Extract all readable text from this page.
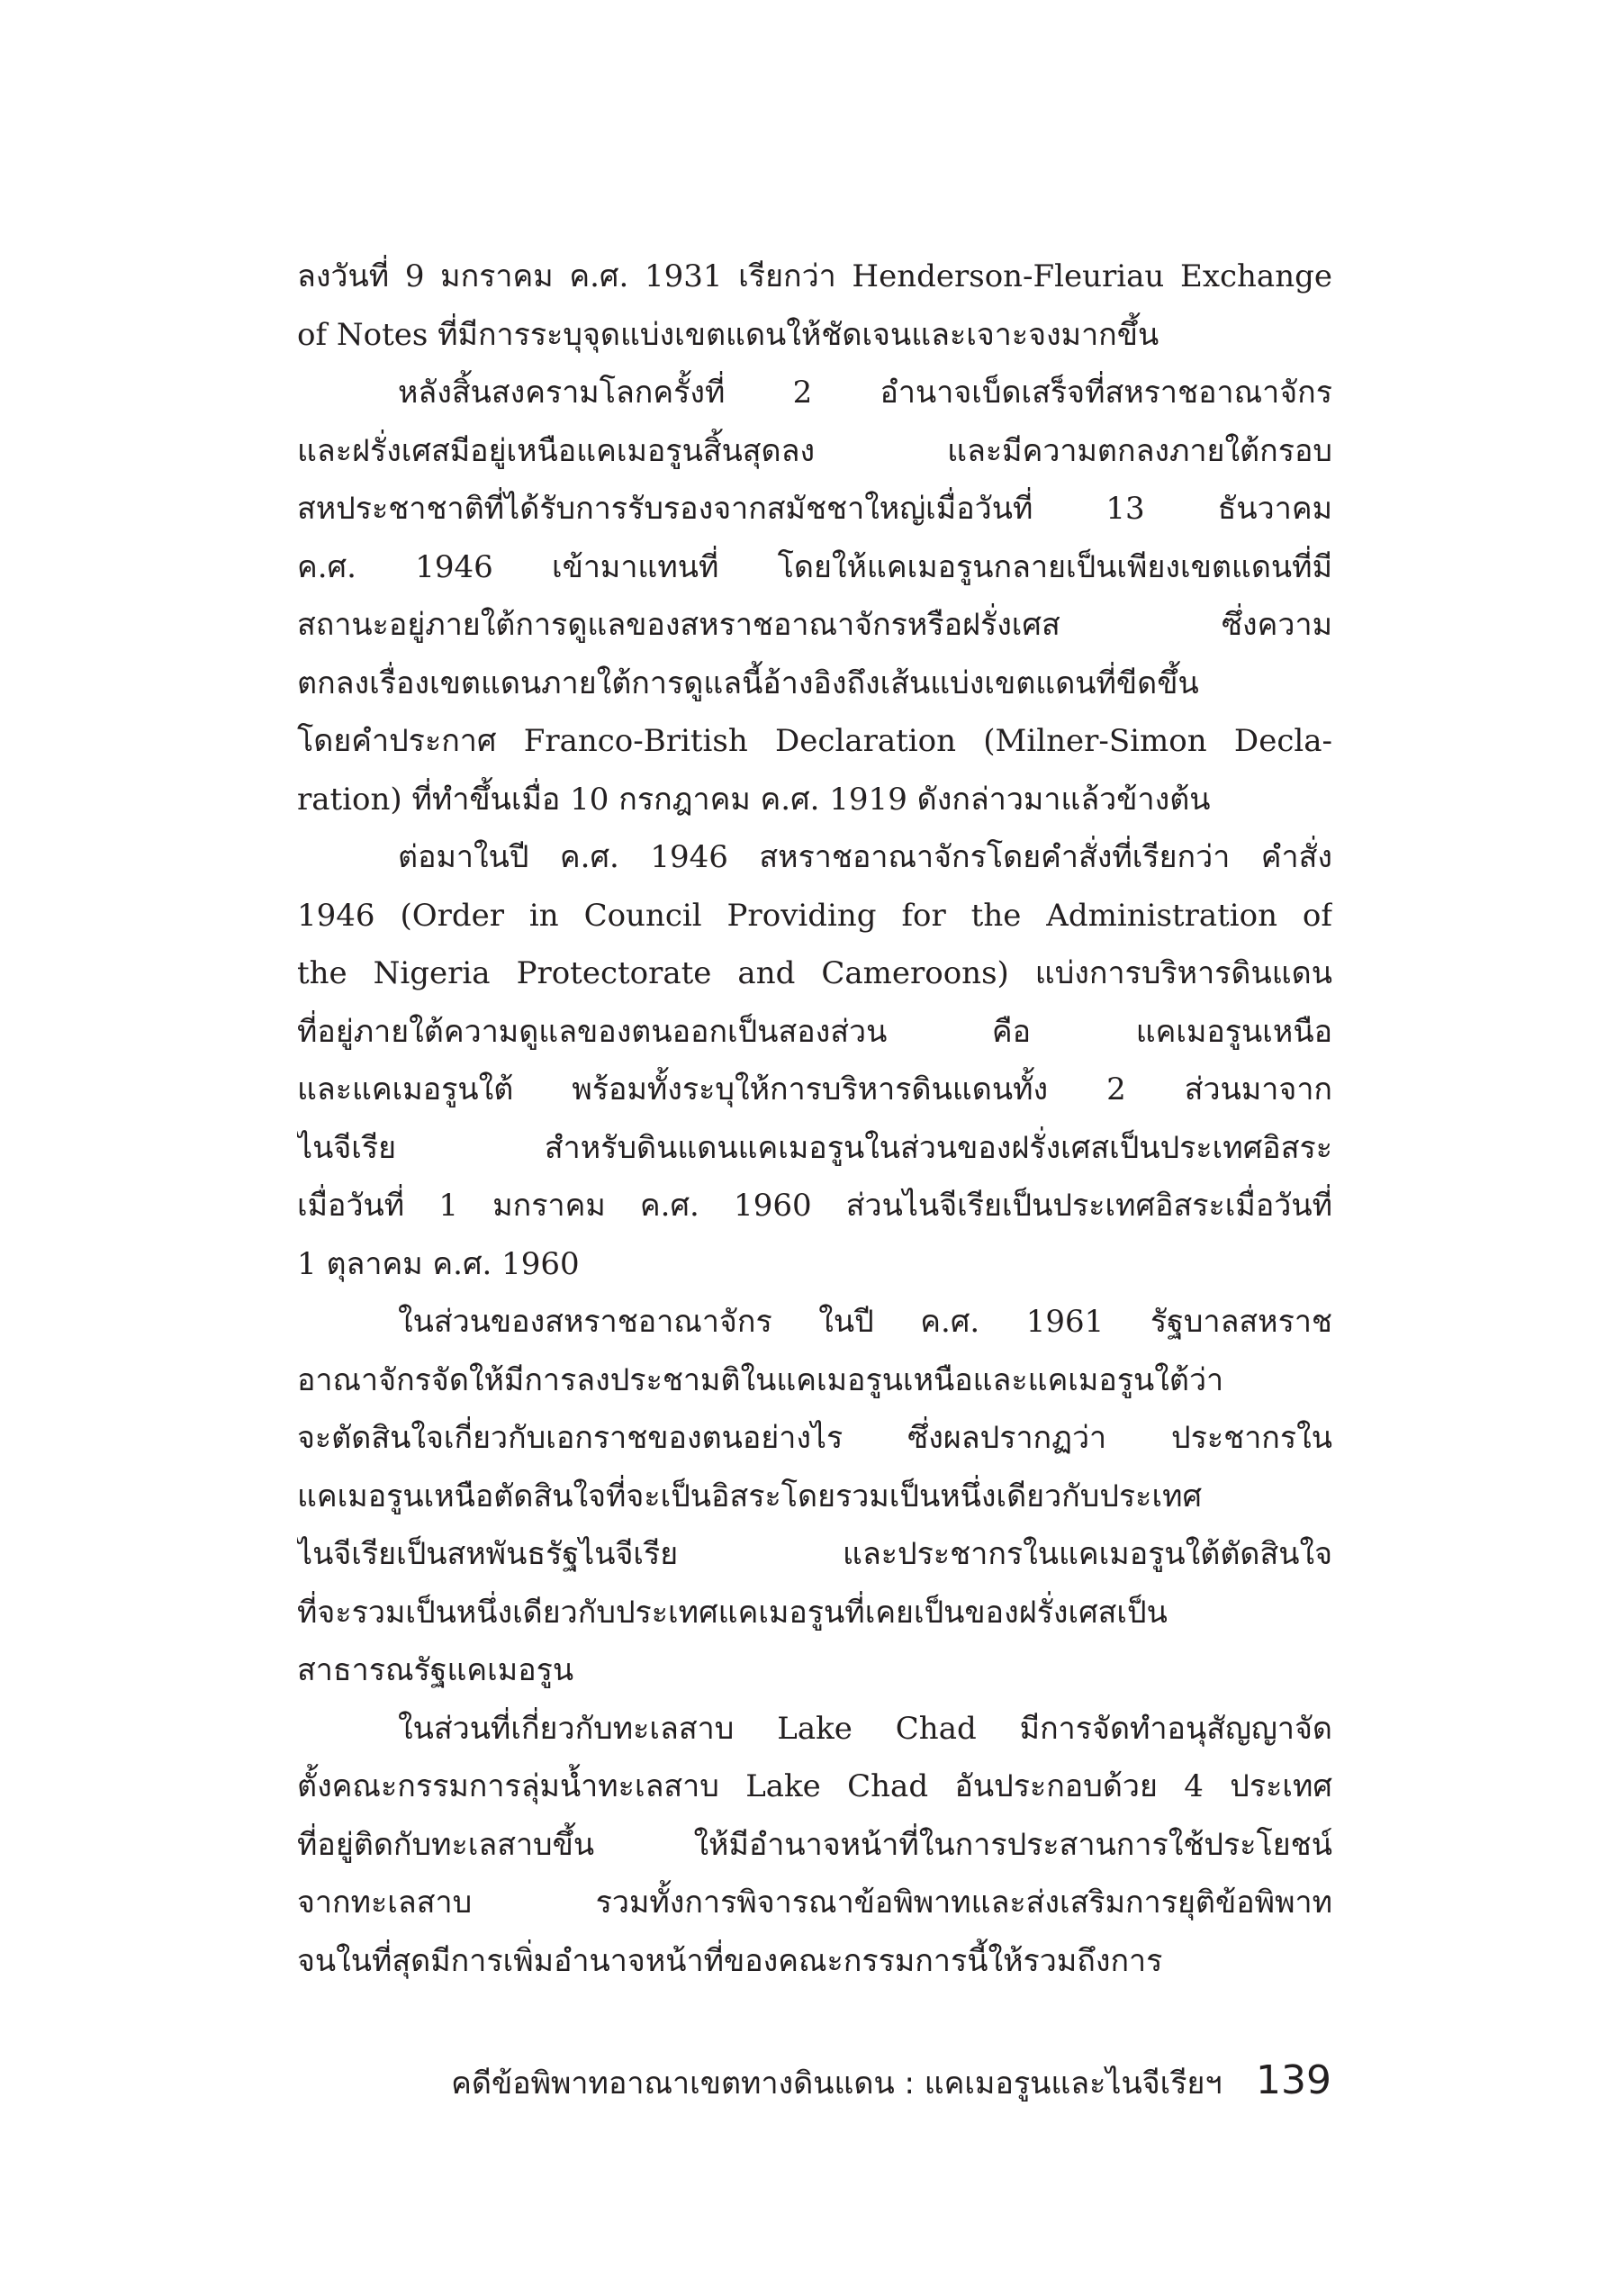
ลงวันที่ 9 มกราคม ค.ศ. 1931 เรียกว่า Henderson-Fleuriau Exchange
of Notes ที่มีการระบุจุดแบ่งเขตแดนให้ชัดเจนและเจาะจงมากขึ้น
หลังสิ้นสงครามโลกครั้งที่ 2 อำนาจเบ็ดเสร็จที่สหราชอาณาจักร
และฝรั่งเศสมีอยู่เหนือแคเมอรูนสิ้นสุดลง และมีความตกลงภายใต้กรอบ
สหประชาชาติที่ได้รับการรับรองจากสมัชชาใหญ่เมื่อวันที่ 13 ธันวาคม
ค.ศ. 1946 เข้ามาแทนที่ โดยให้แคเมอรูนกลายเป็นเพียงเขตแดนที่มี
สถานะอยู่ภายใต้การดูแลของสหราชอาณาจักรหรือฝรั่งเศส ซึ่งความ
ตกลงเรื่องเขตแดนภายใต้การดูแลนี้อ้างอิงถึงเส้นแบ่งเขตแดนที่ขีดขึ้น
โดยคำประกาศ Franco-British Declaration (Milner-Simon Decla-
ration) ที่ทำขึ้นเมื่อ 10 กรกฎาคม ค.ศ. 1919 ดังกล่าวมาแล้วข้างต้น
ต่อมาในปี ค.ศ. 1946 สหราชอาณาจักรโดยคำสั่งที่เรียกว่า คำสั่ง
1946 (Order in Council Providing for the Administration of
the Nigeria Protectorate and Cameroons) แบ่งการบริหารดินแดน
ที่อยู่ภายใต้ความดูแลของตนออกเป็นสองส่วน คือ แคเมอรูนเหนือ
และแคเมอรูนใต้ พร้อมทั้งระบุให้การบริหารดินแดนทั้ง 2 ส่วนมาจาก
ไนจีเรีย สำหรับดินแดนแคเมอรูนในส่วนของฝรั่งเศสเป็นประเทศอิสระ
เมื่อวันที่ 1 มกราคม ค.ศ. 1960 ส่วนไนจีเรียเป็นประเทศอิสระเมื่อวันที่
1 ตุลาคม ค.ศ. 1960
ในส่วนของสหราชอาณาจักร ในปี ค.ศ. 1961 รัฐบาลสหราช
อาณาจักรจัดให้มีการลงประชามติในแคเมอรูนเหนือและแคเมอรูนใต้ว่า
จะตัดสินใจเกี่ยวกับเอกราชของตนอย่างไร ซึ่งผลปรากฏว่า ประชากรใน
แคเมอรูนเหนือตัดสินใจที่จะเป็นอิสระโดยรวมเป็นหนึ่งเดียวกับประเทศ
ไนจีเรียเป็นสหพันธรัฐไนจีเรีย และประชากรในแคเมอรูนใต้ตัดสินใจ
ที่จะรวมเป็นหนึ่งเดียวกับประเทศแคเมอรูนที่เคยเป็นของฝรั่งเศสเป็น
สาธารณรัฐแคเมอรูน
ในส่วนที่เกี่ยวกับทะเลสาบ Lake Chad มีการจัดทำอนุสัญญาจัด
ตั้งคณะกรรมการลุ่มน้ำทะเลสาบ Lake Chad อันประกอบด้วย 4 ประเทศ
ที่อยู่ติดกับทะเลสาบขึ้น ให้มีอำนาจหน้าที่ในการประสานการใช้ประโยชน์
จากทะเลสาบ รวมทั้งการพิจารณาข้อพิพาทและส่งเสริมการยุติข้อพิพาท
จนในที่สุดมีการเพิ่มอำนาจหน้าที่ของคณะกรรมการนี้ให้รวมถึงการ
คดีข้อพิพาทอาณาเขตทางดินแดน : แคเมอรูนและไนจีเรียฯ 139
